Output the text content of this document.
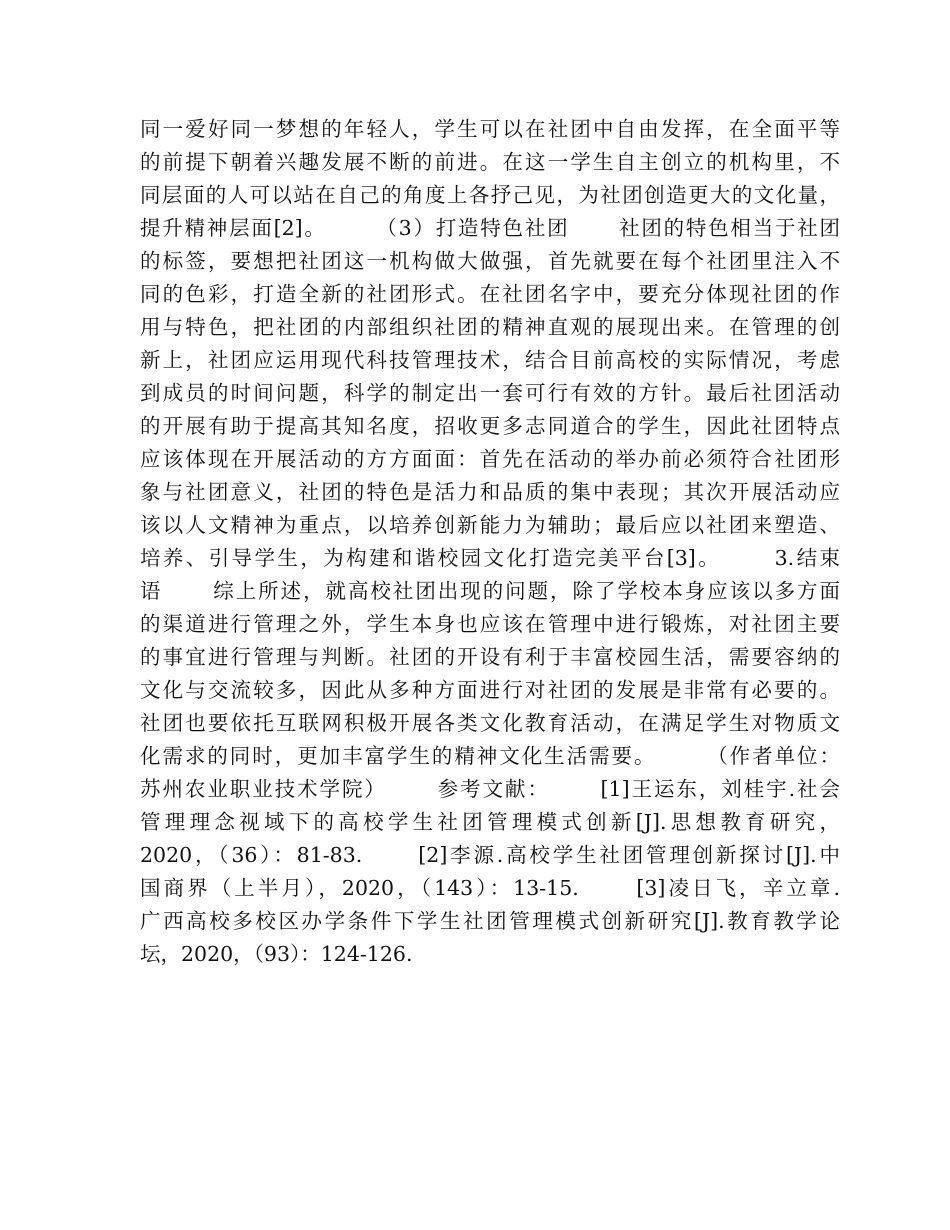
同一爱好同一梦想的年轻人，学生可以在社团中自由发挥，在全面平等
的前提下朝着兴趣发展不断的前进。在这一学生自主创立的机构里，不
同层面的人可以站在自己的角度上各抒己见，为社团创造更大的文化量，
提升精神层面[2]。      （3）打造特色社团      社团的特色相当于社团
的标签，要想把社团这一机构做大做强，首先就要在每个社团里注入不
同的色彩，打造全新的社团形式。在社团名字中，要充分体现社团的作
用与特色，把社团的内部组织社团的精神直观的展现出来。在管理的创
新上，社团应运用现代科技管理技术，结合目前高校的实际情况，考虑
到成员的时间问题，科学的制定出一套可行有效的方针。最后社团活动
的开展有助于提高其知名度，招收更多志同道合的学生，因此社团特点
应该体现在开展活动的方方面面：首先在活动的举办前必须符合社团形
象与社团意义，社团的特色是活力和品质的集中表现；其次开展活动应
该以人文精神为重点，以培养创新能力为辅助；最后应以社团来塑造、
培养、引导学生，为构建和谐校园文化打造完美平台[3]。      3.结束
语      综上所述，就高校社团出现的问题，除了学校本身应该以多方面
的渠道进行管理之外，学生本身也应该在管理中进行锻炼，对社团主要
的事宜进行管理与判断。社团的开设有利于丰富校园生活，需要容纳的
文化与交流较多，因此从多种方面进行对社团的发展是非常有必要的。
社团也要依托互联网积极开展各类文化教育活动，在满足学生对物质文
化需求的同时，更加丰富学生的精神文化生活需要。      （作者单位：
苏州农业职业技术学院）      参考文献：      [1]王运东，刘桂宇.社会
管理理念视域下的高校学生社团管理模式创新[J].思想教育研究，
2020，（36）：81-83.      [2]李源.高校学生社团管理创新探讨[J].中
国商界（上半月），2020，（143）：13-15.      [3]凌日飞，辛立章.
广西高校多校区办学条件下学生社团管理模式创新研究[J].教育教学论
坛，2020，（93）：124-126.
